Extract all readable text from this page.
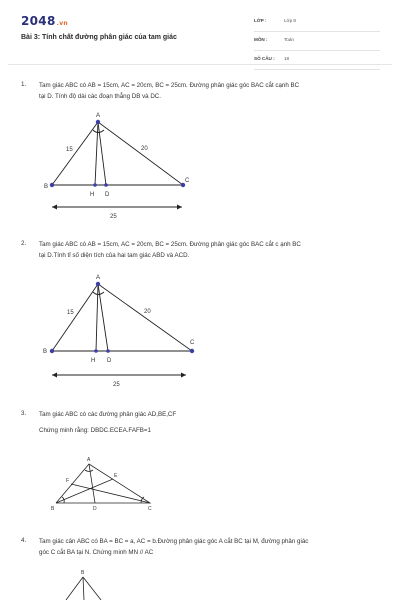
2048.vn
Bài 3: Tính chất đường phân giác của tam giác
LỚP :	Lớp 8
MÔN :	Toán
SỐ CÂU : 18
1. Tam giác ABC có AB = 15cm, AC = 20cm, BC = 25cm. Đường phân giác góc BAC cắt cạnh BC
tại D. Tính độ dài các đoạn thẳng DB và DC.
A
B
C
H D
15	20
25
2. Tam giác ABC có AB = 15cm, AC = 20cm, BC = 25cm. Đường phân giác góc BAC cắt c ạnh BC
tại D.Tính tỉ số diện tích của hai tam giác ABD và ACD.
A
B
C
H D
15	20
25
3. Tam giác ABC có các đường phân giác AD,BE,CF
Chứng minh rằng: DBDC.ECEA.FAFB=1
A
B	C
D
E
F
4. Tam giác cân ABC có BA = BC = a, AC = b.Đường phân giác góc A cắt BC tại M, đường phân giác
góc C cắt BA tại N. Chứng minh MN // AC
B
